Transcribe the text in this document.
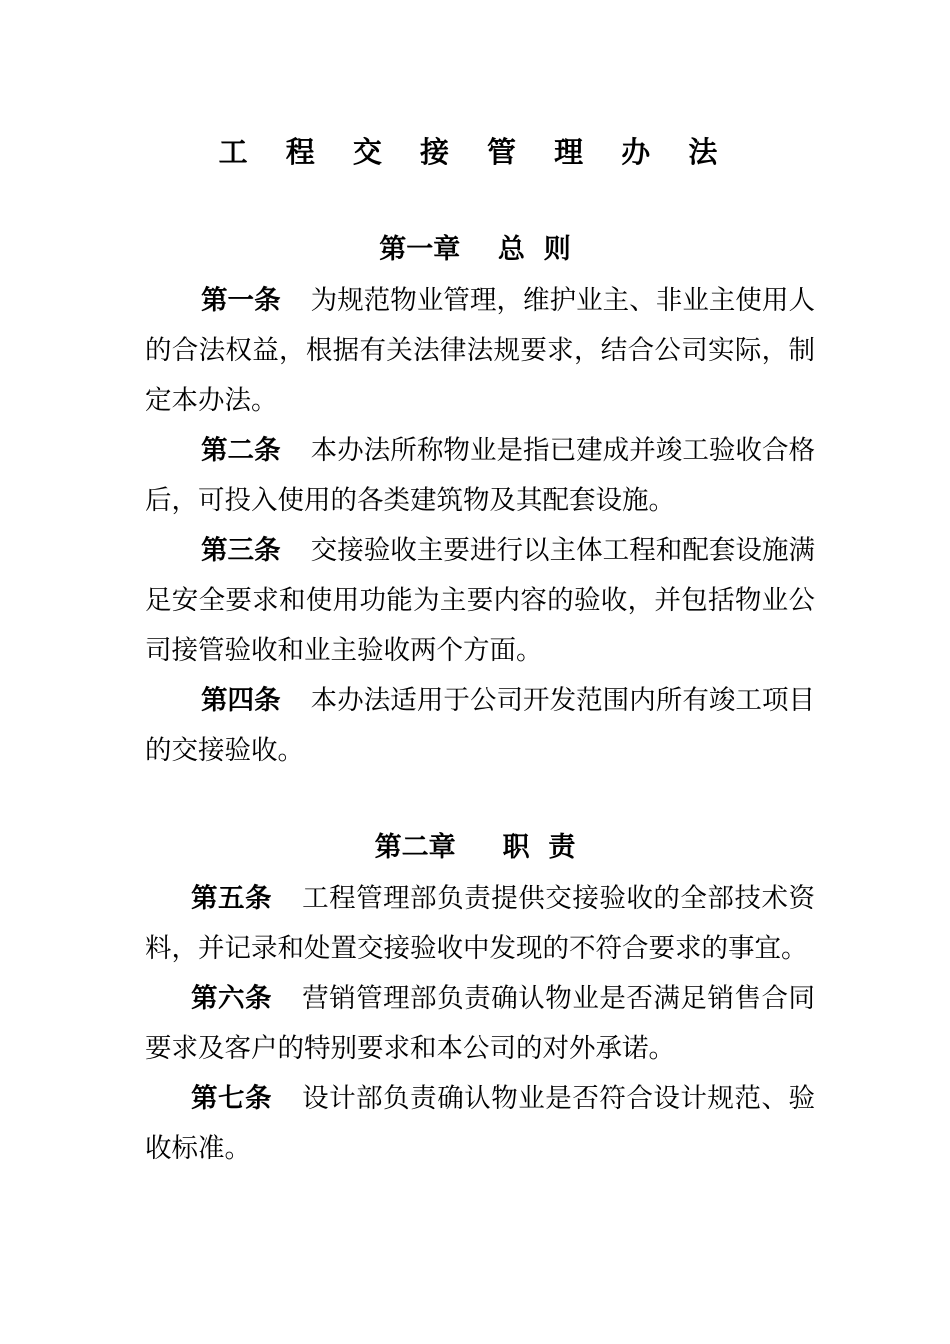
工 程 交 接 管 理 办 法
第一章    总  则

第一条 为规范物业管理，维护业主、非业主使用人的合法权益，根据有关法律法规要求，结合公司实际，制定本办法。

第二条 本办法所称物业是指已建成并竣工验收合格后，可投入使用的各类建筑物及其配套设施。

第三条 交接验收主要进行以主体工程和配套设施满足安全要求和使用功能为主要内容的验收，并包括物业公司接管验收和业主验收两个方面。

第四条 本办法适用于公司开发范围内所有竣工项目的交接验收。

第二章     职  责

第五条 工程管理部负责提供交接验收的全部技术资料，并记录和处置交接验收中发现的不符合要求的事宜。

第六条 营销管理部负责确认物业是否满足销售合同要求及客户的特别要求和本公司的对外承诺。

第七条 设计部负责确认物业是否符合设计规范、验收标准。
